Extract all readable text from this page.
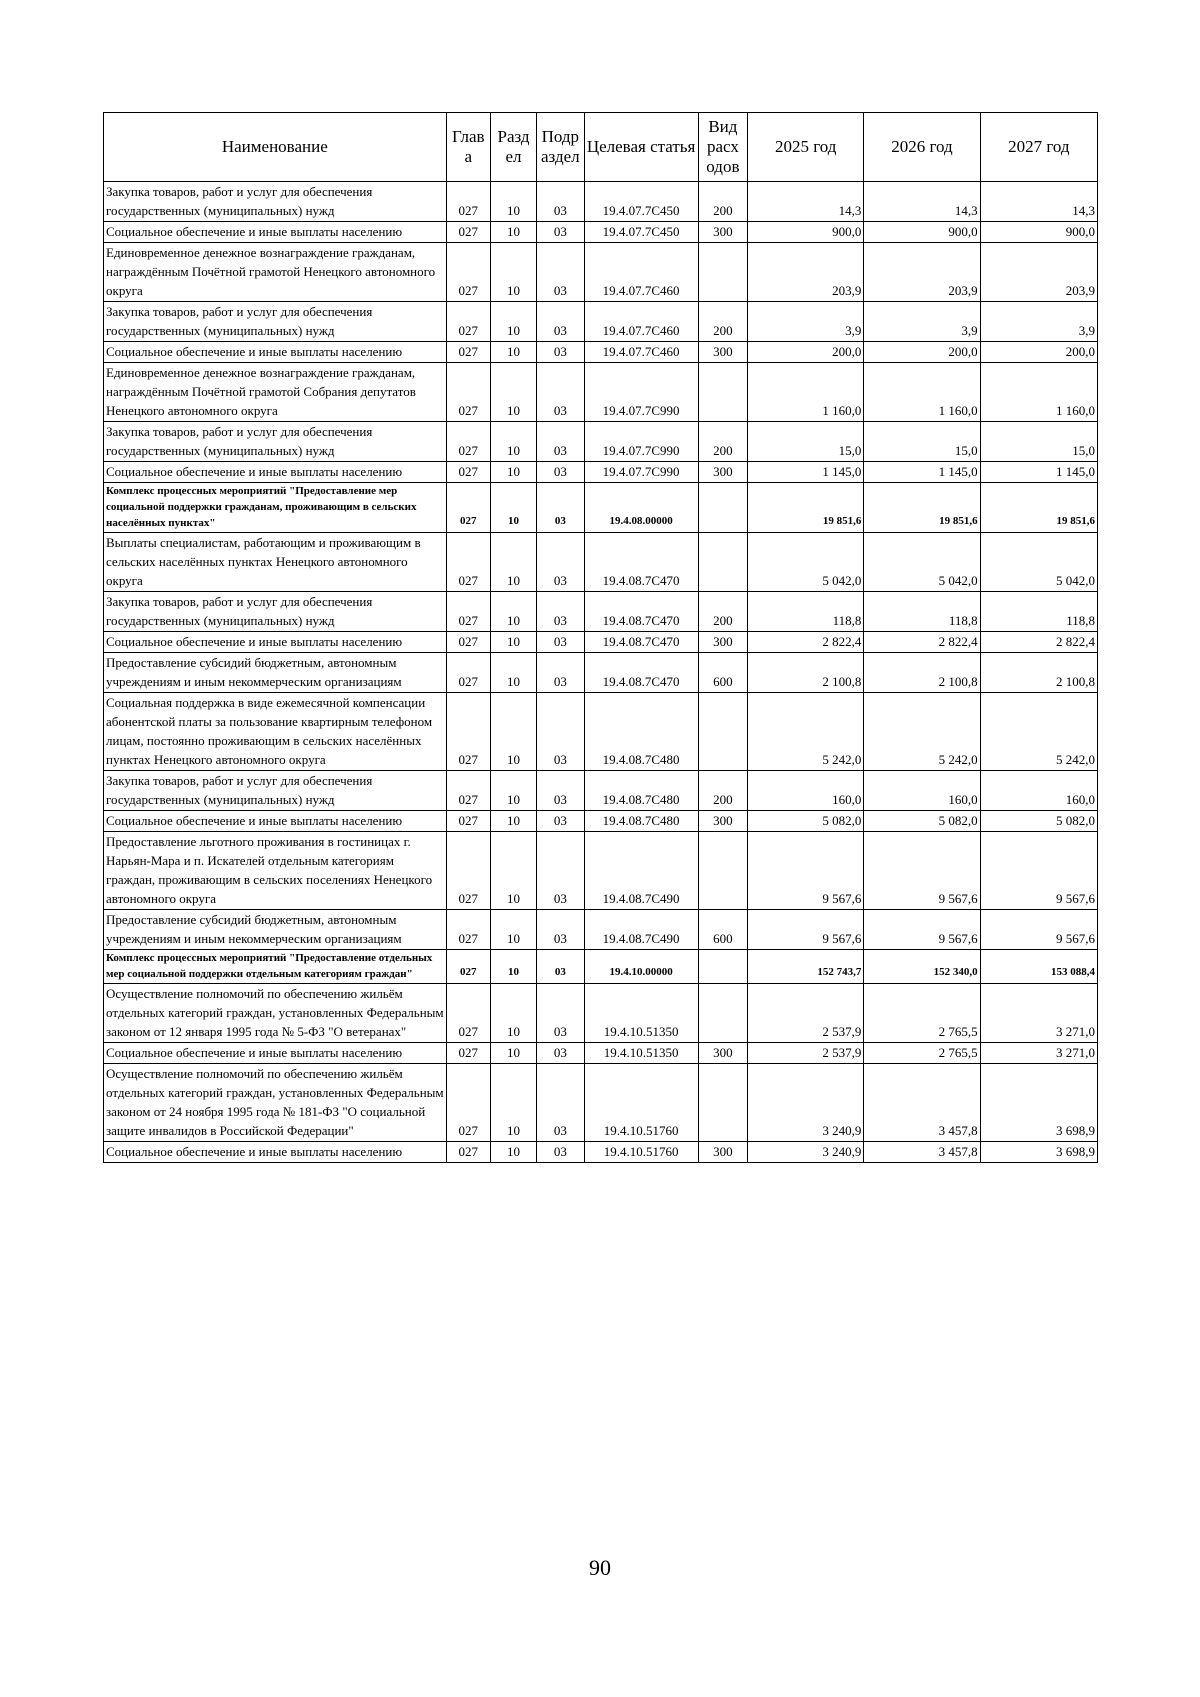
Наименование	Глав а	Разд ел	Подр аздел	Целевая статья	Вид расх одов	2025 год	2026 год	2027 год
Закупка товаров, работ и услуг для обеспечения государственных (муниципальных) нужд	027	10	03	19.4.07.7С450	200	14,3	14,3	14,3
Социальное обеспечение и иные выплаты населению	027	10	03	19.4.07.7С450	300	900,0	900,0	900,0
Единовременное денежное вознаграждение гражданам, награждённым Почётной грамотой Ненецкого автономного округа	027	10	03	19.4.07.7С460		203,9	203,9	203,9
Закупка товаров, работ и услуг для обеспечения государственных (муниципальных) нужд	027	10	03	19.4.07.7С460	200	3,9	3,9	3,9
Социальное обеспечение и иные выплаты населению	027	10	03	19.4.07.7С460	300	200,0	200,0	200,0
Единовременное денежное вознаграждение гражданам, награждённым Почётной грамотой Собрания депутатов Ненецкого автономного округа	027	10	03	19.4.07.7С990		1 160,0	1 160,0	1 160,0
Закупка товаров, работ и услуг для обеспечения государственных (муниципальных) нужд	027	10	03	19.4.07.7С990	200	15,0	15,0	15,0
Социальное обеспечение и иные выплаты населению	027	10	03	19.4.07.7С990	300	1 145,0	1 145,0	1 145,0
Комплекс процессных мероприятий "Предоставление мер социальной поддержки гражданам, проживающим в сельских населённых пунктах"	027	10	03	19.4.08.00000		19 851,6	19 851,6	19 851,6
Выплаты специалистам, работающим и проживающим в сельских населённых пунктах Ненецкого автономного округа	027	10	03	19.4.08.7С470		5 042,0	5 042,0	5 042,0
Закупка товаров, работ и услуг для обеспечения государственных (муниципальных) нужд	027	10	03	19.4.08.7С470	200	118,8	118,8	118,8
Социальное обеспечение и иные выплаты населению	027	10	03	19.4.08.7С470	300	2 822,4	2 822,4	2 822,4
Предоставление субсидий бюджетным, автономным учреждениям и иным некоммерческим организациям	027	10	03	19.4.08.7С470	600	2 100,8	2 100,8	2 100,8
Социальная поддержка в виде ежемесячной компенсации абонентской платы за пользование квартирным телефоном лицам, постоянно проживающим в сельских населённых пунктах Ненецкого автономного округа	027	10	03	19.4.08.7С480		5 242,0	5 242,0	5 242,0
Закупка товаров, работ и услуг для обеспечения государственных (муниципальных) нужд	027	10	03	19.4.08.7С480	200	160,0	160,0	160,0
Социальное обеспечение и иные выплаты населению	027	10	03	19.4.08.7С480	300	5 082,0	5 082,0	5 082,0
Предоставление льготного проживания в гостиницах г. Нарьян-Мара и п. Искателей отдельным категориям граждан, проживающим в сельских поселениях Ненецкого автономного округа	027	10	03	19.4.08.7С490		9 567,6	9 567,6	9 567,6
Предоставление субсидий бюджетным, автономным учреждениям и иным некоммерческим организациям	027	10	03	19.4.08.7С490	600	9 567,6	9 567,6	9 567,6
Комплекс процессных мероприятий "Предоставление отдельных мер социальной поддержки отдельным категориям граждан"	027	10	03	19.4.10.00000		152 743,7	152 340,0	153 088,4
Осуществление полномочий по обеспечению жильём отдельных категорий граждан, установленных Федеральным законом от 12 января 1995 года № 5-ФЗ "О ветеранах"	027	10	03	19.4.10.51350		2 537,9	2 765,5	3 271,0
Социальное обеспечение и иные выплаты населению	027	10	03	19.4.10.51350	300	2 537,9	2 765,5	3 271,0
Осуществление полномочий по обеспечению жильём отдельных категорий граждан, установленных Федеральным законом от 24 ноября 1995 года № 181-ФЗ "О социальной защите инвалидов в Российской Федерации"	027	10	03	19.4.10.51760		3 240,9	3 457,8	3 698,9
Социальное обеспечение и иные выплаты населению	027	10	03	19.4.10.51760	300	3 240,9	3 457,8	3 698,9
90
